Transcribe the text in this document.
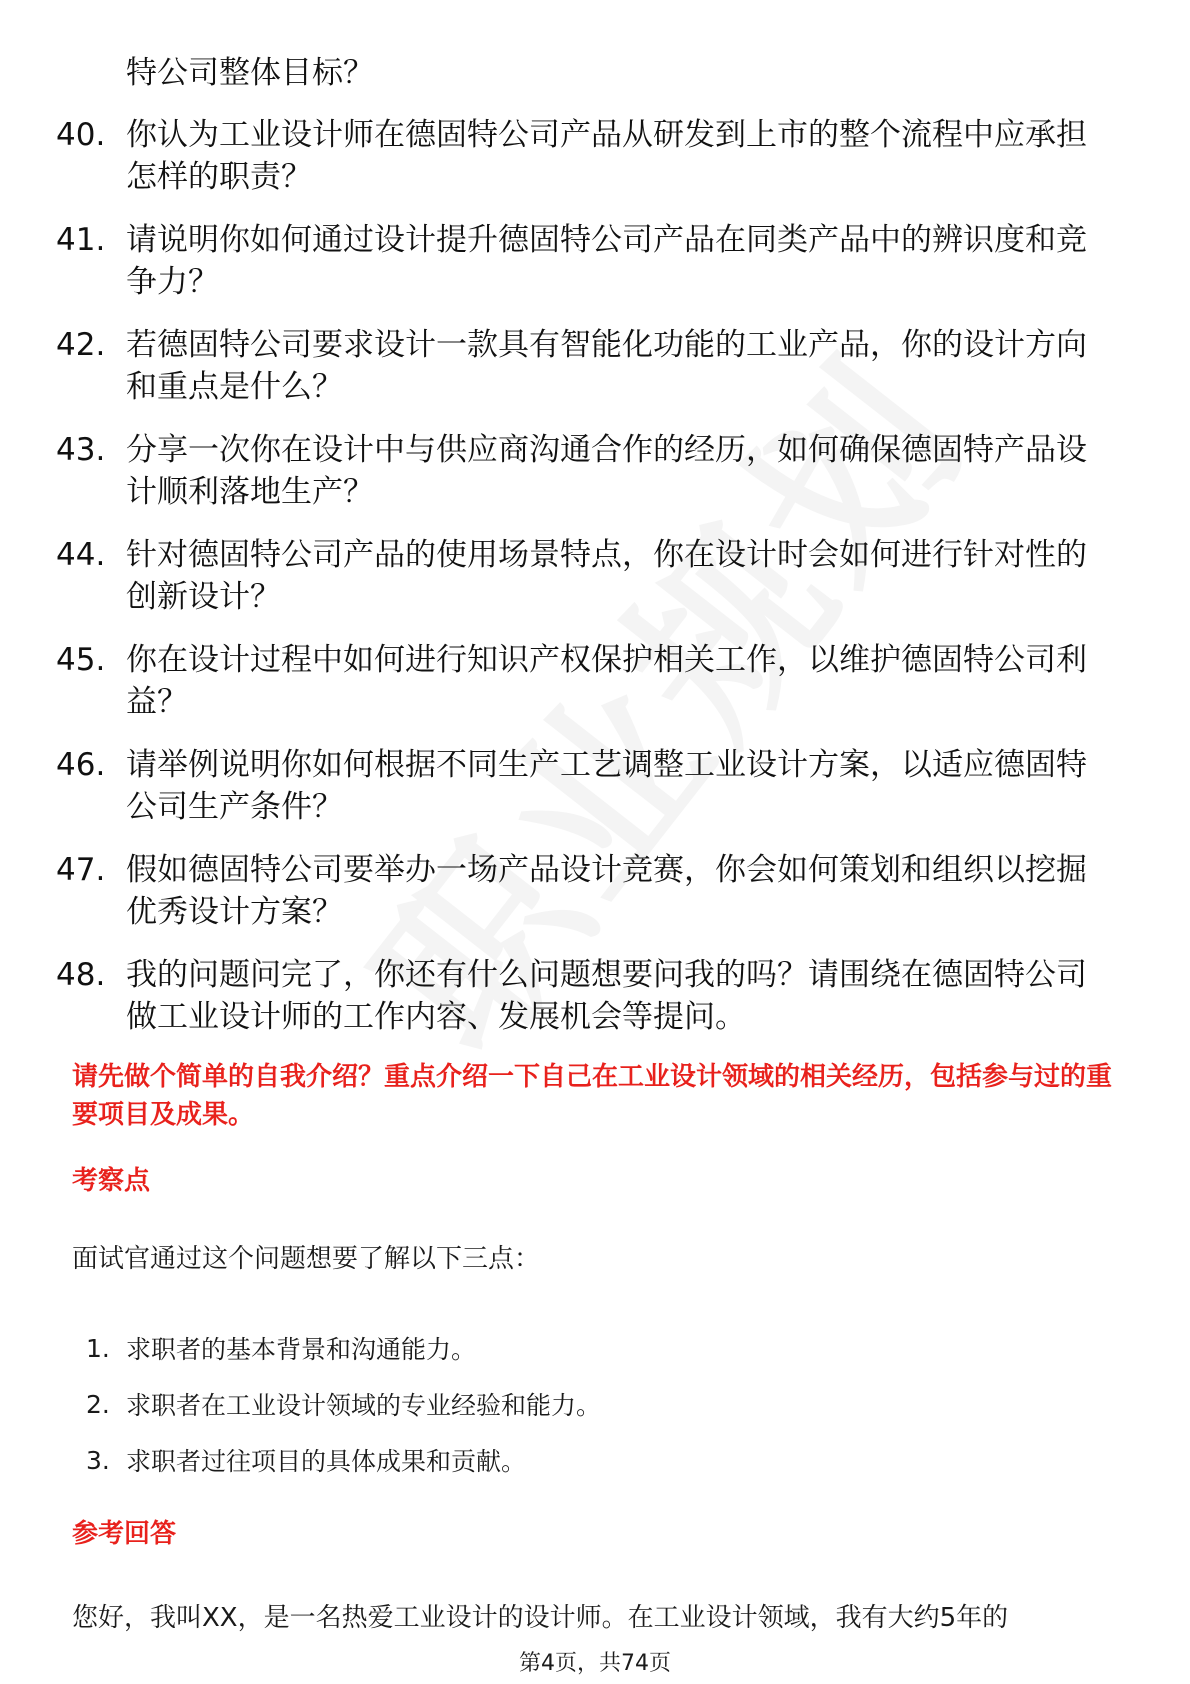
特公司整体目标？
40. 你认为工业设计师在德固特公司产品从研发到上市的整个流程中应承担怎样的职责？
41. 请说明你如何通过设计提升德固特公司产品在同类产品中的辨识度和竞争力？
42. 若德固特公司要求设计一款具有智能化功能的工业产品，你的设计方向和重点是什么？
43. 分享一次你在设计中与供应商沟通合作的经历，如何确保德固特产品设计顺利落地生产？
44. 针对德固特公司产品的使用场景特点，你在设计时会如何进行针对性的创新设计？
45. 你在设计过程中如何进行知识产权保护相关工作，以维护德固特公司利益？
46. 请举例说明你如何根据不同生产工艺调整工业设计方案，以适应德固特公司生产条件？
47. 假如德固特公司要举办一场产品设计竞赛，你会如何策划和组织以挖掘优秀设计方案？
48. 我的问题问完了，你还有什么问题想要问我的吗？请围绕在德固特公司做工业设计师的工作内容、发展机会等提问。
请先做个简单的自我介绍？重点介绍一下自己在工业设计领域的相关经历，包括参与过的重要项目及成果。
考察点
面试官通过这个问题想要了解以下三点：
1. 求职者的基本背景和沟通能力。
2. 求职者在工业设计领域的专业经验和能力。
3. 求职者过往项目的具体成果和贡献。
参考回答
您好，我叫XX，是一名热爱工业设计的设计师。在工业设计领域，我有大约5年的
第4页，共74页
